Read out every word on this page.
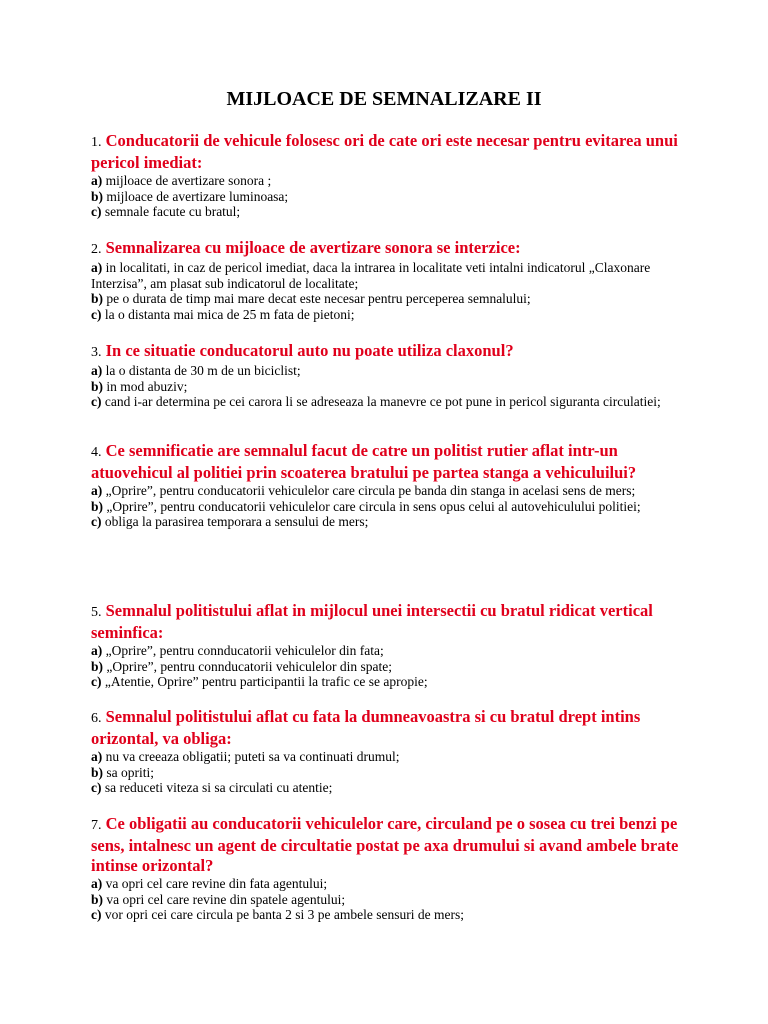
MIJLOACE DE SEMNALIZARE II
1. Conducatorii de vehicule folosesc ori de cate ori este necesar pentru evitarea unui pericol imediat:
a) mijloace de avertizare sonora ;
b) mijloace de avertizare luminoasa;
c) semnale facute cu bratul;
2. Semnalizarea cu mijloace de avertizare sonora se interzice:
a) in localitati, in caz de pericol imediat, daca la intrarea in localitate veti intalni indicatorul „Claxonare Interzisa”, am plasat sub indicatorul de localitate;
b) pe o durata de timp mai mare decat este necesar pentru perceperea semnalului;
c) la o distanta mai mica de 25 m fata de pietoni;
3. In ce situatie conducatorul auto nu poate utiliza claxonul?
a) la o distanta de 30 m de un biciclist;
b) in mod abuziv;
c) cand i-ar determina pe cei carora li se adreseaza la manevre ce pot pune in pericol siguranta circulatiei;
4. Ce semnificatie are semnalul facut de catre un politist rutier aflat intr-un atuovehicul al politiei prin scoaterea bratului pe partea stanga a vehiculuilui?
a) „Oprire”, pentru conducatorii vehiculelor care circula pe banda din stanga in acelasi sens de mers;
b) „Oprire”, pentru conducatorii vehiculelor care circula in sens opus celui al autovehiculului politiei;
c) obliga la parasirea temporara a sensului de mers;
5. Semnalul politistului aflat in mijlocul unei intersectii cu bratul ridicat vertical seminfica:
a) „Oprire”, pentru connducatorii vehiculelor din fata;
b) „Oprire”, pentru connducatorii vehiculelor din spate;
c) „Atentie, Oprire” pentru participantii la trafic ce se apropie;
6. Semnalul politistului aflat cu fata la dumneavoastra si cu bratul drept intins orizontal, va obliga:
a) nu va creeaza obligatii; puteti sa va continuati drumul;
b) sa opriti;
c) sa reduceti viteza si sa circulati cu atentie;
7. Ce obligatii au conducatorii vehiculelor care, circuland pe o sosea cu trei benzi pe sens, intalnesc un agent de circultatie postat pe axa drumului si avand ambele brate intinse orizontal?
a) va opri cel care revine din fata agentului;
b) va opri cel care revine din spatele agentului;
c) vor opri cei care circula pe banta 2 si 3 pe ambele sensuri de mers;
